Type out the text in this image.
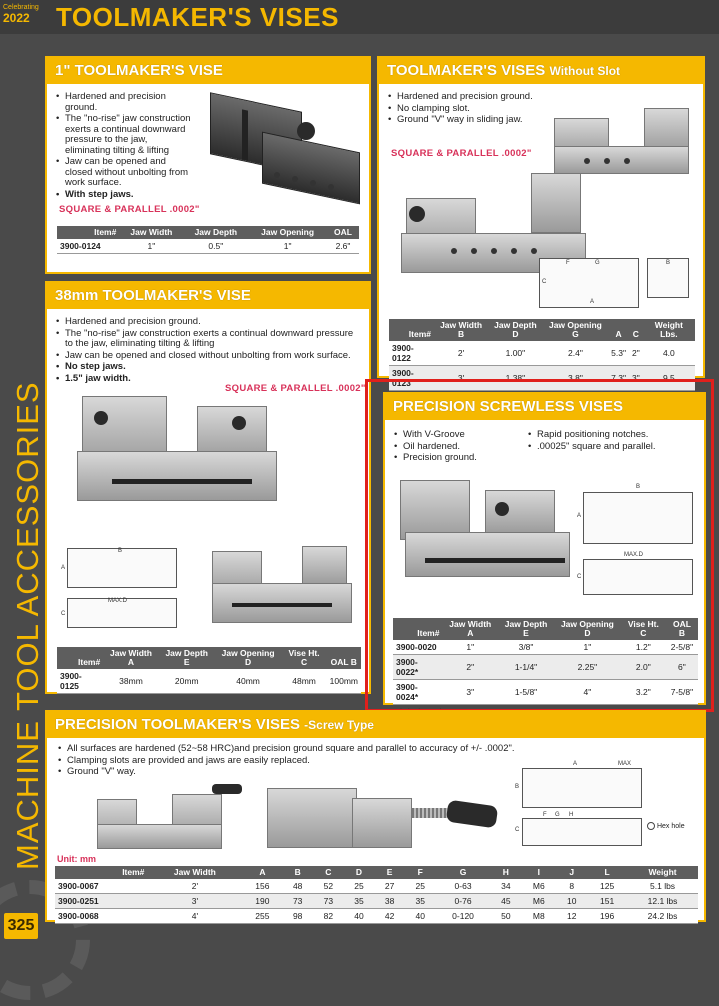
Celebrating
2022	TOOLMAKER'S VISES
MACHINE TOOL ACCESSORIES
325
1" TOOLMAKER'S VISE
• Hardened and precision ground.
• The "no-rise" jaw construction exerts a continual downward pressure to the jaw, eliminating tilting & lifting
• Jaw can be opened and closed without unbolting from work surface.
• With step jaws.
SQUARE & PARALLEL .0002"
Item#	Jaw Width	Jaw Depth	Jaw Opening	OAL
3900-0124	1"	0.5"	1"	2.6"
TOOLMAKER'S VISES Without Slot
• Hardened and precision ground.
• No clamping slot.
• Ground "V" way in sliding jaw.
SQUARE & PARALLEL .0002"
F	G
C
A
B
Item#	Jaw Width B	Jaw Depth D	Jaw Opening G	A	C	Weight Lbs.
3900-0122	2'	1.00"	2.4"	5.3"	2"	4.0
3900-0123	3'	1.38"	3.8"	7.3"	3"	9.5
38mm TOOLMAKER'S VISE
• Hardened and precision ground.
• The "no-rise" jaw construction exerts a continual downward pressure to the jaw, eliminating tilting & lifting
• Jaw can be opened and closed without unbolting from work surface.
• No step jaws.
• 1.5" jaw width.
SQUARE & PARALLEL .0002"
B
A
MAX.D
C
Item#	Jaw Width A	Jaw Depth E	Jaw Opening D	Vise Ht. C	OAL B
3900-0125	38mm	20mm	40mm	48mm	100mm
PRECISION SCREWLESS VISES
• With V-Groove
• Oil hardened.
• Precision ground.
• Rapid positioning notches.
• .00025" square and parallel.
B
A
MAX.D
C
Item#	Jaw Width A	Jaw Depth E	Jaw Opening D	Vise Ht. C	OAL B
3900-0020	1"	3/8"	1"	1.2"	2-5/8"
3900-0022*	2"	1-1/4"	2.25"	2.0"	6"
3900-0024*	3"	1-5/8"	4"	3.2"	7-5/8"
PRECISION TOOLMAKER'S VISES -Screw Type
• All surfaces are hardened (52~58 HRC)and precision ground square and parallel to accuracy of +/- .0002".
• Clamping slots are provided and jaws are easily replaced.
• Ground "V" way.
A	MAX
B
F G H
C
Hex hole
Unit: mm
Item#	Jaw Width	A	B	C	D	E	F	G	H	I	J	L	Weight
3900-0067	2'	156	48	52	25	27	25	0-63	34	M6	8	125	5.1 lbs
3900-0251	3'	190	73	73	35	38	35	0-76	45	M6	10	151	12.1 lbs
3900-0068	4'	255	98	82	40	42	40	0-120	50	M8	12	196	24.2 lbs
